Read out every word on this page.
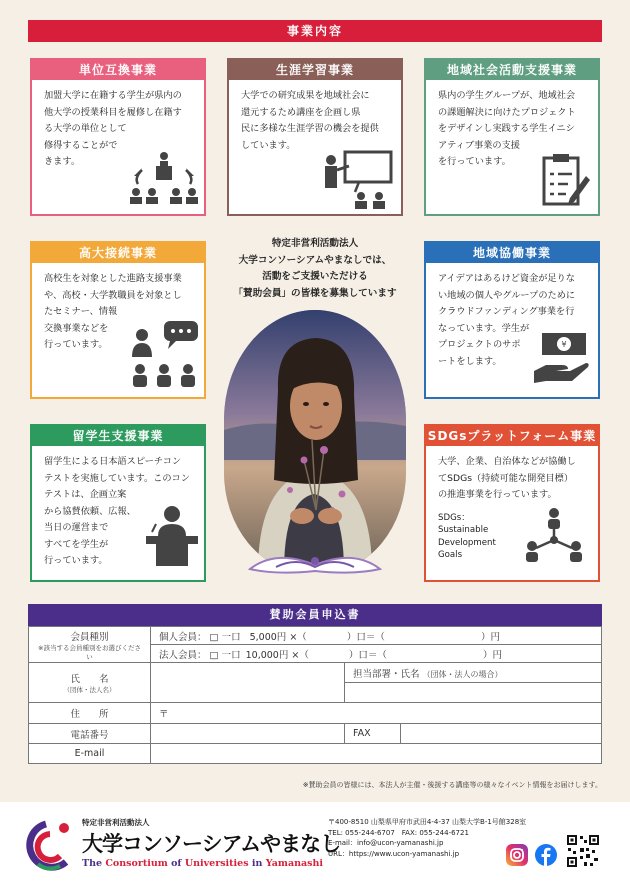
事業内容
単位互換事業
加盟大学に在籍する学生が県内の
他大学の授業科目を履修し在籍す
る大学の単位として
修得することがで
きます。
生涯学習事業
大学での研究成果を地域社会に
還元するため講座を企画し県
民に多様な生涯学習の機会を提供
しています。
地域社会活動支援事業
県内の学生グループが、地域社会
の課題解決に向けたプロジェクト
をデザインし実践する学生イニシ
アティブ事業の支援
を行っています。
高大接続事業
高校生を対象とした進路支援事業
や、高校・大学教職員を対象とし
たセミナー、情報
交換事業などを
行っています。
地域協働事業
アイデアはあるけど資金が足りな
い地域の個人やグループのために
クラウドファンディング事業を行
なっています。学生が
プロジェクトのサポ
ートをします。
¥
留学生支援事業
留学生による日本語スピーチコン
テストを実施しています。このコン
テストは、企画立案
から協賛依頼、広報、
当日の運営まで
すべてを学生が
行っています。
SDGsプラットフォーム事業
大学、企業、自治体などが協働し
てSDGs（持続可能な開発目標）
の推進事業を行っています。
SDGs：
Sustainable
Development
Goals
特定非営利活動法人
大学コンソーシアムやまなしでは、
活動をご支援いただける
「賛助会員」の皆様を募集しています
賛助会員申込書
会員種別
※該当する会員種別をお選びください	個人会員： □ 一口 5,000円 ×（ ）口＝（ ）円		
	法人会員： □ 一口 10,000円 ×（ ）口＝（ ）円		

氏　　名
（団体・法人名）		担当部署・氏名 （団体・法人の場合）	

住　　所	〒		
電話番号		FAX	
E-mail			
※賛助会員の皆様には、本法人が主催・後援する講座等の様々なイベント情報をお届けします。
特定非営利活動法人
大学コンソーシアムやまなし
The Consortium of Universities in Yamanashi
〒400-8510 山梨県甲府市武田4-4-37 山梨大学B-1号館328室
TEL: 055-244-6707　FAX: 055-244-6721
E-mail：info@ucon-yamanashi.jp
URL：https://www.ucon-yamanashi.jp
